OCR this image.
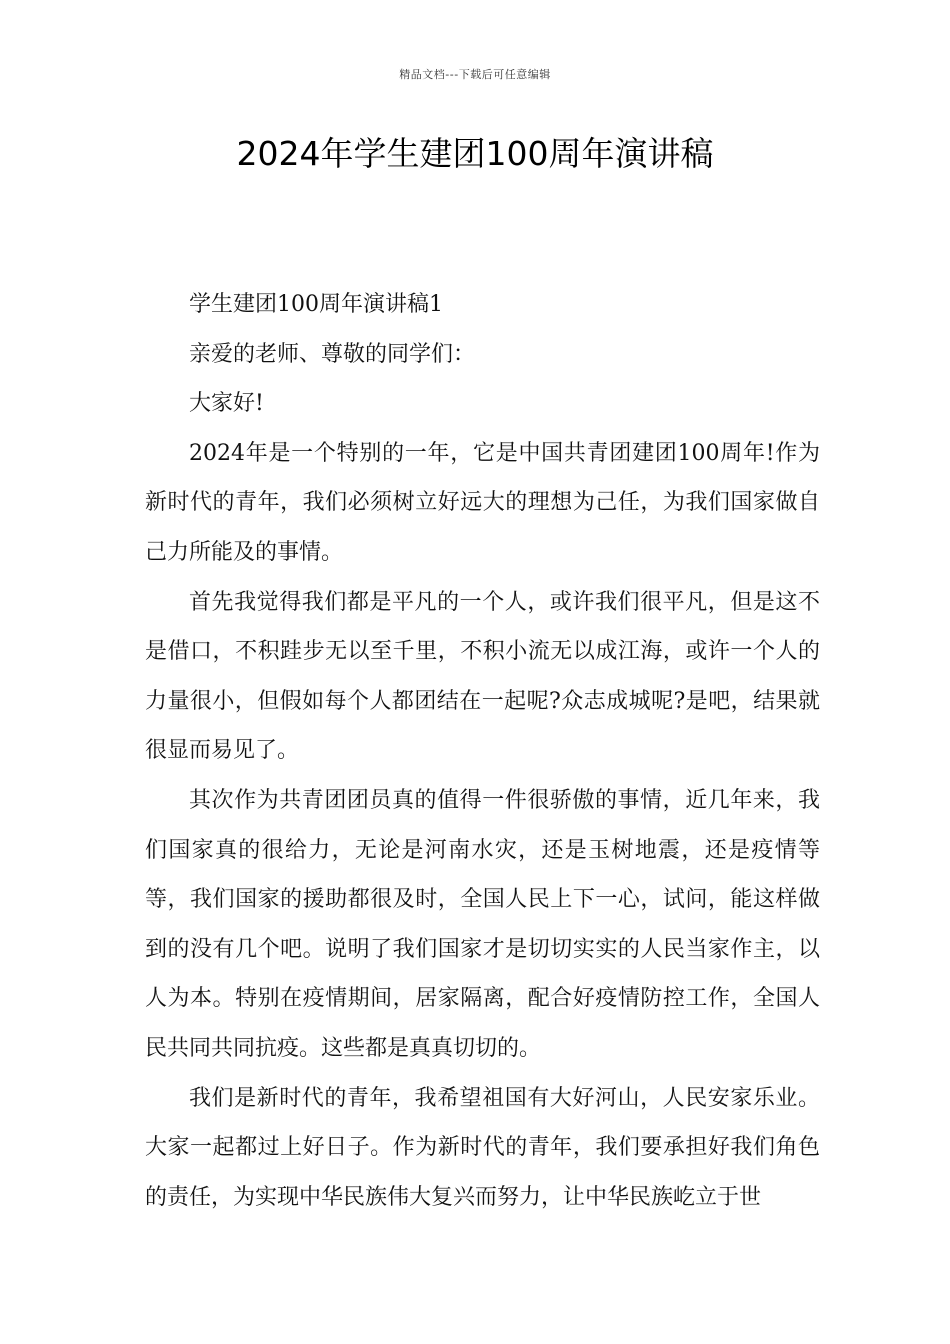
精品文档---下载后可任意编辑
2024年学生建团100周年演讲稿

学生建团100周年演讲稿1

亲爱的老师、尊敬的同学们：

大家好!

2024年是一个特别的一年，它是中国共青团建团100周年!作为新时代的青年，我们必须树立好远大的理想为己任，为我们国家做自己力所能及的事情。

首先我觉得我们都是平凡的一个人，或许我们很平凡，但是这不是借口，不积跬步无以至千里，不积小流无以成江海，或许一个人的力量很小，但假如每个人都团结在一起呢?众志成城呢?是吧，结果就很显而易见了。

其次作为共青团团员真的值得一件很骄傲的事情，近几年来，我们国家真的很给力，无论是河南水灾，还是玉树地震，还是疫情等等，我们国家的援助都很及时，全国人民上下一心，试问，能这样做到的没有几个吧。说明了我们国家才是切切实实的人民当家作主，以人为本。特别在疫情期间，居家隔离，配合好疫情防控工作，全国人民共同共同抗疫。这些都是真真切切的。

我们是新时代的青年，我希望祖国有大好河山，人民安家乐业。大家一起都过上好日子。作为新时代的青年，我们要承担好我们角色的责任，为实现中华民族伟大复兴而努力，让中华民族屹立于世
